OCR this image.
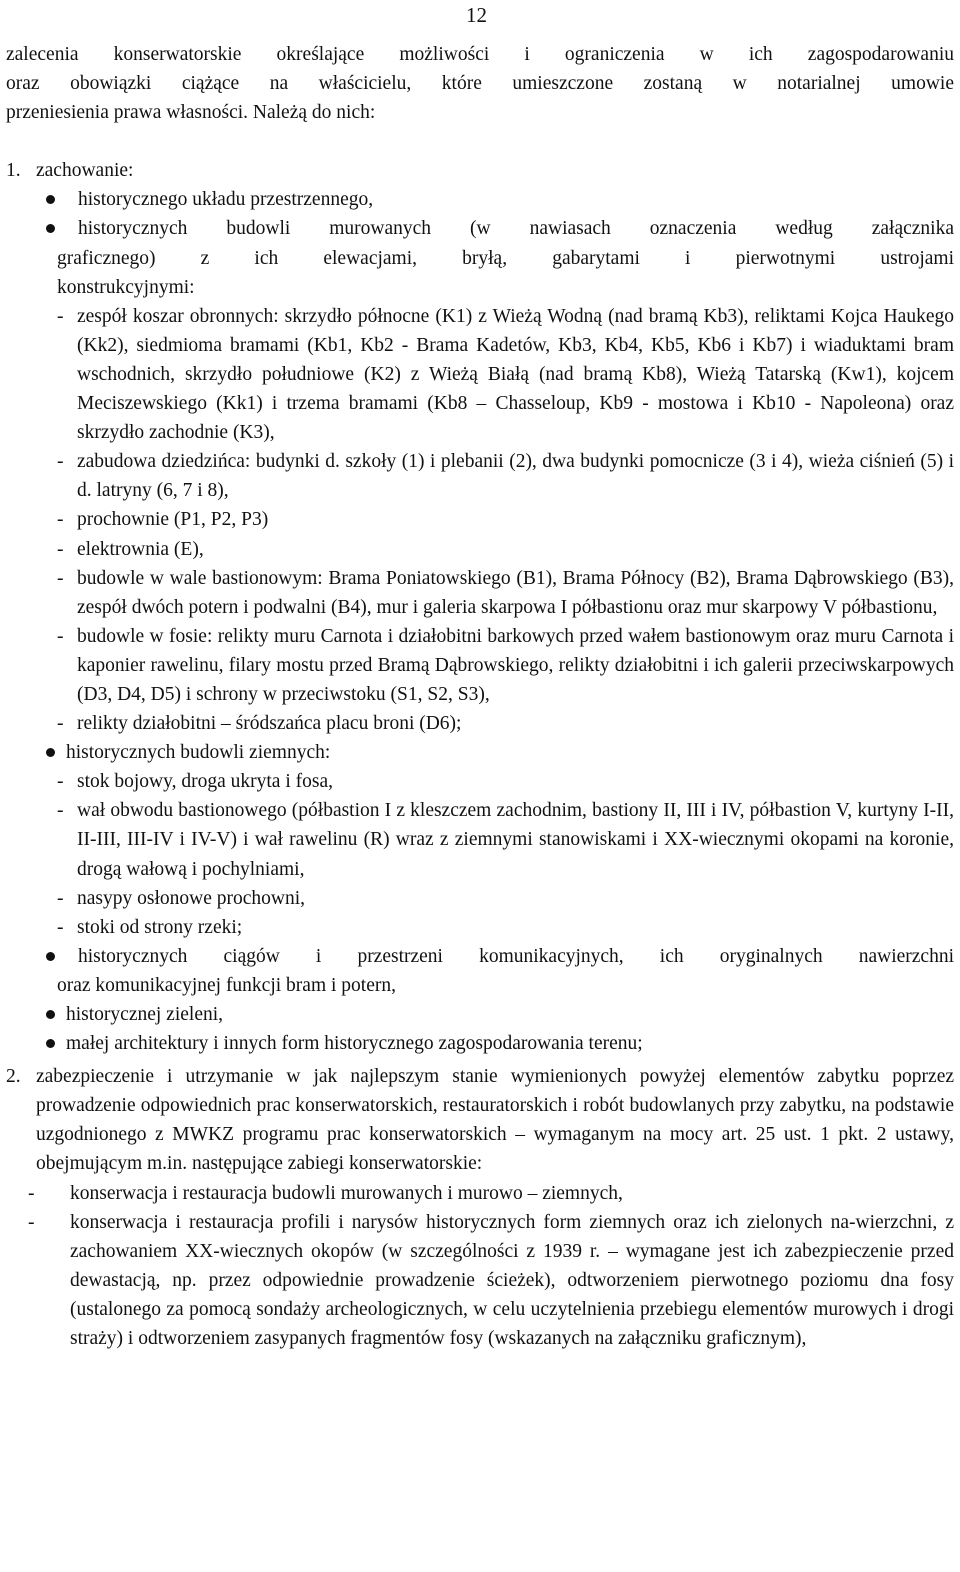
12

zalecenia konserwatorskie określające możliwości i ograniczenia w ich zagospodarowaniu

oraz obowiązki ciążące na właścicielu, które umieszczone zostaną w notarialnej umowie

przeniesienia prawa własności. Należą do nich:

1. zachowanie:
historycznego układu przestrzennego,
historycznych budowli murowanych (w nawiasach oznaczenia według załącznika

graficznego) z ich elewacjami, bryłą, gabarytami i pierwotnymi ustrojami

konstrukcyjnymi:

- zespół koszar obronnych: skrzydło północne (K1) z Wieżą Wodną (nad bramą Kb3), reliktami Kojca Haukego (Kk2), siedmioma bramami (Kb1, Kb2 - Brama Kadetów, Kb3, Kb4, Kb5, Kb6 i Kb7) i wiaduktami bram wschodnich, skrzydło południowe (K2) z Wieżą Białą (nad bramą Kb8), Wieżą Tatarską (Kw1), kojcem Meciszewskiego (Kk1) i trzema bramami (Kb8 – Chasseloup, Kb9 - mostowa i Kb10 - Napoleona) oraz skrzydło zachodnie (K3),
- zabudowa dziedzińca: budynki d. szkoły (1) i plebanii (2), dwa budynki pomocnicze (3 i 4), wieża ciśnień (5) i d. latryny (6, 7 i 8),
- prochownie (P1, P2, P3)
- elektrownia (E),
- budowle w wale bastionowym: Brama Poniatowskiego (B1), Brama Północy (B2), Brama Dąbrowskiego (B3), zespół dwóch potern i podwalni (B4), mur i galeria skarpowa I półbastionu oraz mur skarpowy V półbastionu,
- budowle w fosie: relikty muru Carnota i działobitni barkowych przed wałem bastionowym oraz muru Carnota i kaponier rawelinu, filary mostu przed Bramą Dąbrowskiego, relikty działobitni i ich galerii przeciwskarpowych (D3, D4, D5) i schrony w przeciwstoku (S1, S2, S3),
- relikty działobitni – śródszańca placu broni (D6);
historycznych budowli ziemnych:
- stok bojowy, droga ukryta i fosa,
- wał obwodu bastionowego (półbastion I z kleszczem zachodnim, bastiony II, III i IV, półbastion V, kurtyny I-II, II-III, III-IV i IV-V) i wał rawelinu (R) wraz z ziemnymi stanowiskami i XX-wiecznymi okopami na koronie, drogą wałową i pochylniami,
- nasypy osłonowe prochowni,
- stoki od strony rzeki;
historycznych ciągów i przestrzeni komunikacyjnych, ich oryginalnych nawierzchni

oraz komunikacyjnej funkcji bram i potern,

historycznej zieleni,
małej architektury i innych form historycznego zagospodarowania terenu;
2. zabezpieczenie i utrzymanie w jak najlepszym stanie wymienionych powyżej elementów zabytku poprzez prowadzenie odpowiednich prac konserwatorskich, restauratorskich i robót budowlanych przy zabytku, na podstawie uzgodnionego z MWKZ programu prac konserwatorskich – wymaganym na mocy art. 25 ust. 1 pkt. 2 ustawy, obejmującym m.in. następujące zabiegi konserwatorskie:
-	konserwacja i restauracja budowli murowanych i murowo – ziemnych,
-	konserwacja i restauracja profili i narysów historycznych form ziemnych oraz ich zielonych na-wierzchni, z zachowaniem XX-wiecznych okopów (w szczególności z 1939 r. – wymagane jest ich zabezpieczenie przed dewastacją, np. przez odpowiednie prowadzenie ścieżek), odtworzeniem pierwotnego poziomu dna fosy (ustalonego za pomocą sondaży archeologicznych, w celu uczytelnienia przebiegu elementów murowych i drogi straży) i odtworzeniem zasypanych fragmentów fosy (wskazanych na załączniku graficznym),
